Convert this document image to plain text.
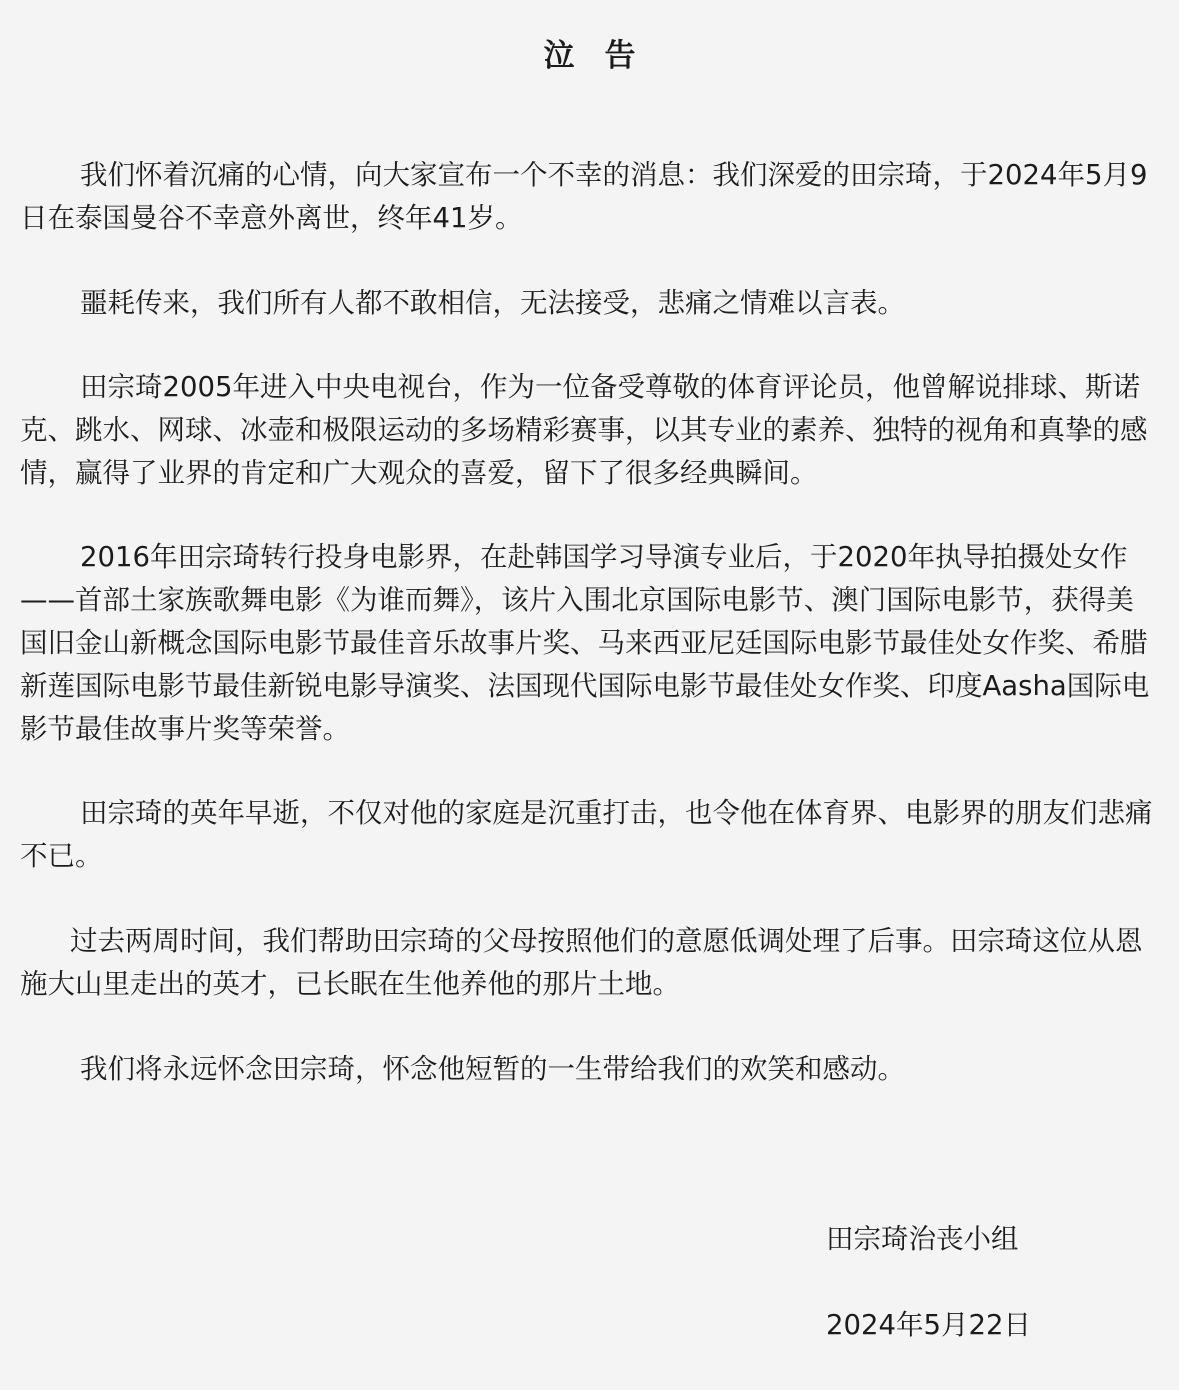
泣告

我们怀着沉痛的心情，向大家宣布一个不幸的消息：我们深爱的田宗琦，于2024年5月9日在泰国曼谷不幸意外离世，终年41岁。

噩耗传来，我们所有人都不敢相信，无法接受，悲痛之情难以言表。

田宗琦2005年进入中央电视台，作为一位备受尊敬的体育评论员，他曾解说排球、斯诺克、跳水、网球、冰壶和极限运动的多场精彩赛事，以其专业的素养、独特的视角和真挚的感情，赢得了业界的肯定和广大观众的喜爱，留下了很多经典瞬间。

2016年田宗琦转行投身电影界，在赴韩国学习导演专业后，于2020年执导拍摄处女作——首部土家族歌舞电影《为谁而舞》，该片入围北京国际电影节、澳门国际电影节，获得美国旧金山新概念国际电影节最佳音乐故事片奖、马来西亚尼廷国际电影节最佳处女作奖、希腊新莲国际电影节最佳新锐电影导演奖、法国现代国际电影节最佳处女作奖、印度Aasha国际电影节最佳故事片奖等荣誉。

田宗琦的英年早逝，不仅对他的家庭是沉重打击，也令他在体育界、电影界的朋友们悲痛不已。

过去两周时间，我们帮助田宗琦的父母按照他们的意愿低调处理了后事。田宗琦这位从恩施大山里走出的英才，已长眠在生他养他的那片土地。

我们将永远怀念田宗琦，怀念他短暂的一生带给我们的欢笑和感动。

田宗琦治丧小组
2024年5月22日
